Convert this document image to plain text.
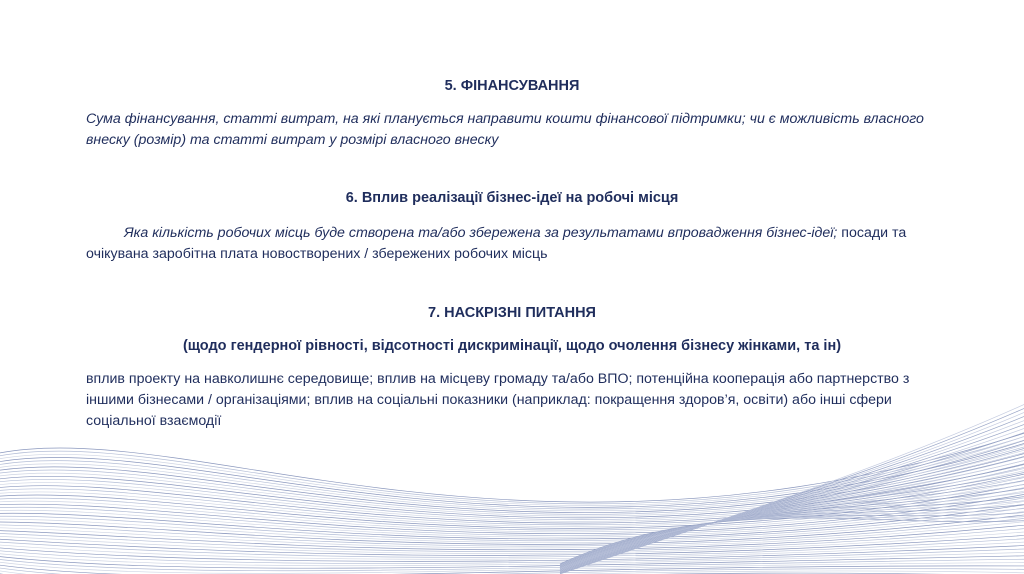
5. ФІНАНСУВАННЯ
Сума фінансування, статті витрат, на які планується направити кошти фінансової підтримки; чи є можливість власного внеску (розмір) та статті витрат у розмірі власного внеску
6. Вплив реалізації бізнес-ідеї на робочі місця
Яка кількість робочих місць буде створена та/або збережена за результатами впровадження бізнес-ідеї; посади та очікувана заробітна плата новостворених / збережених робочих місць
7. НАСКРІЗНІ ПИТАННЯ
(щодо гендерної рівності, відсотності дискримінації, щодо очолення бізнесу жінками, та ін)
вплив проекту на навколишнє середовище; вплив на місцеву громаду та/або ВПО; потенційна кооперація або партнерство з іншими бізнесами / організаціями; вплив на соціальні показники (наприклад: покращення здоров’я, освіти) або інші сфери соціальної взаємодії
